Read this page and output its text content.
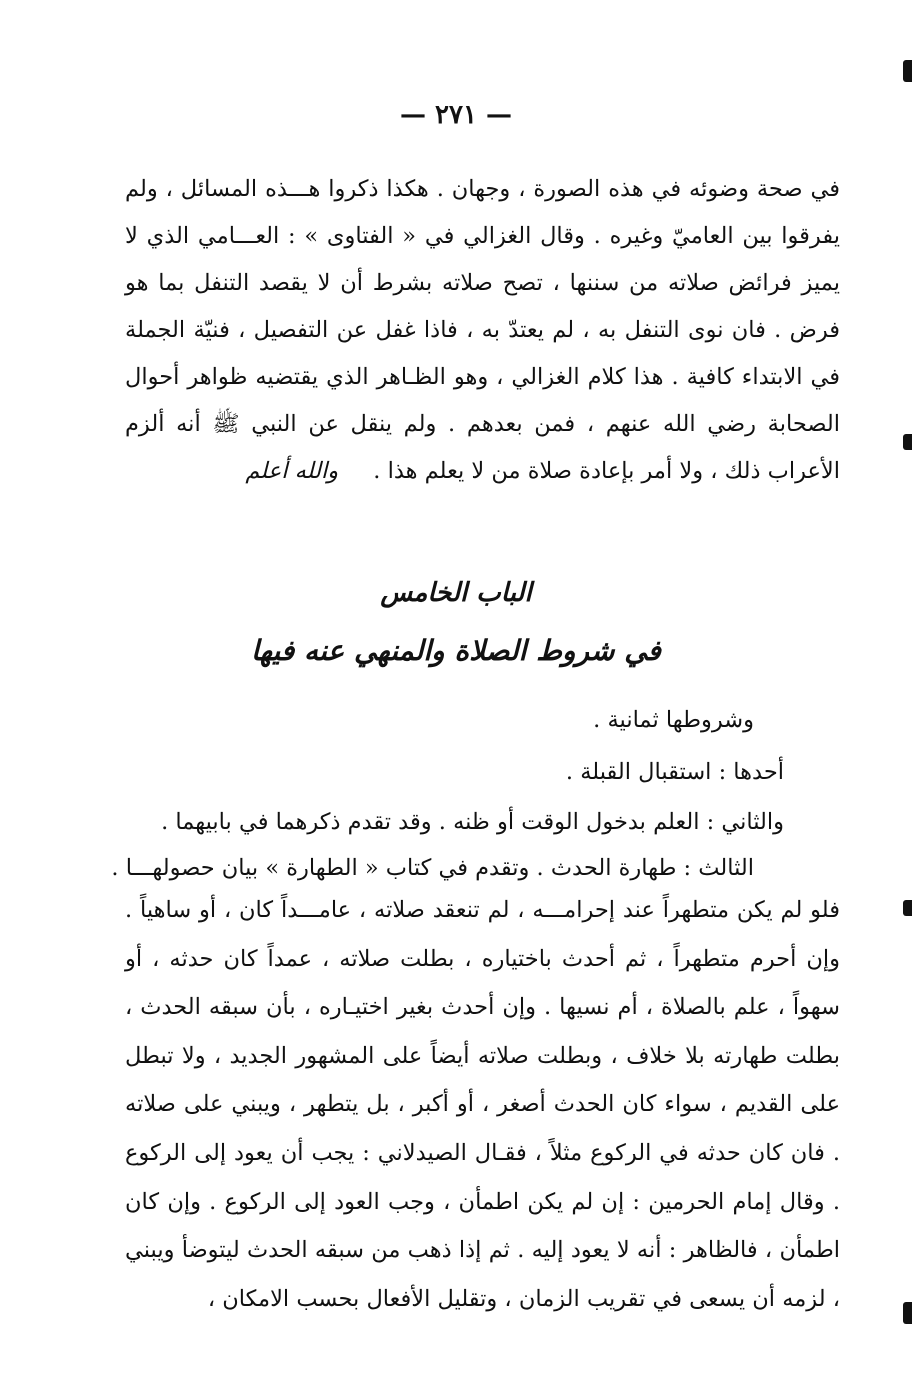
— ٢٧١ —
في صحة وضوئه في هذه الصورة ، وجهان . هكذا ذكروا هـــذه المسائل ، ولم يفرقوا بين العاميّ وغيره . وقال الغزالي في « الفتاوى » : العـــامي الذي لا يميز فرائض صلاته من سننها ، تصح صلاته بشرط أن لا يقصد التنفل بما هو فرض . فان نوى التنفل به ، لم يعتدّ به ، فاذا غفل عن التفصيل ، فنيّة الجملة في الابتداء كافية . هذا كلام الغزالي ، وهو الظـاهر الذي يقتضيه ظواهر أحوال الصحابة رضي الله عنهم ، فمن بعدهم . ولم ينقل عن النبي ﷺ أنه ألزم الأعراب ذلك ، ولا أمر بإعادة صلاة من لا يعلم هذا . والله أعلم
الباب الخامس
في شروط الصلاة والمنهي عنه فيها
وشروطها ثمانية .
أحدها : استقبال القبلة .
والثاني : العلم بدخول الوقت أو ظنه . وقد تقدم ذكرهما في بابيهما .
الثالث : طهارة الحدث . وتقدم في كتاب « الطهارة » بيان حصولهـــا .
فلو لم يكن متطهراً عند إحرامـــه ، لم تنعقد صلاته ، عامـــداً كان ، أو ساهياً . وإن أحرم متطهراً ، ثم أحدث باختياره ، بطلت صلاته ، عمداً كان حدثه ، أو سهواً ، علم بالصلاة ، أم نسيها . وإن أحدث بغير اختيـاره ، بأن سبقه الحدث ، بطلت طهارته بلا خلاف ، وبطلت صلاته أيضاً على المشهور الجديد ، ولا تبطل على القديم ، سواء كان الحدث أصغر ، أو أكبر ، بل يتطهر ، ويبني على صلاته . فان كان حدثه في الركوع مثلاً ، فقـال الصيدلاني : يجب أن يعود إلى الركوع . وقال إمام الحرمين : إن لم يكن اطمأن ، وجب العود إلى الركوع . وإن كان اطمأن ، فالظاهر : أنه لا يعود إليه . ثم إذا ذهب من سبقه الحدث ليتوضأ ويبني ، لزمه أن يسعى في تقريب الزمان ، وتقليل الأفعال بحسب الامكان ،
